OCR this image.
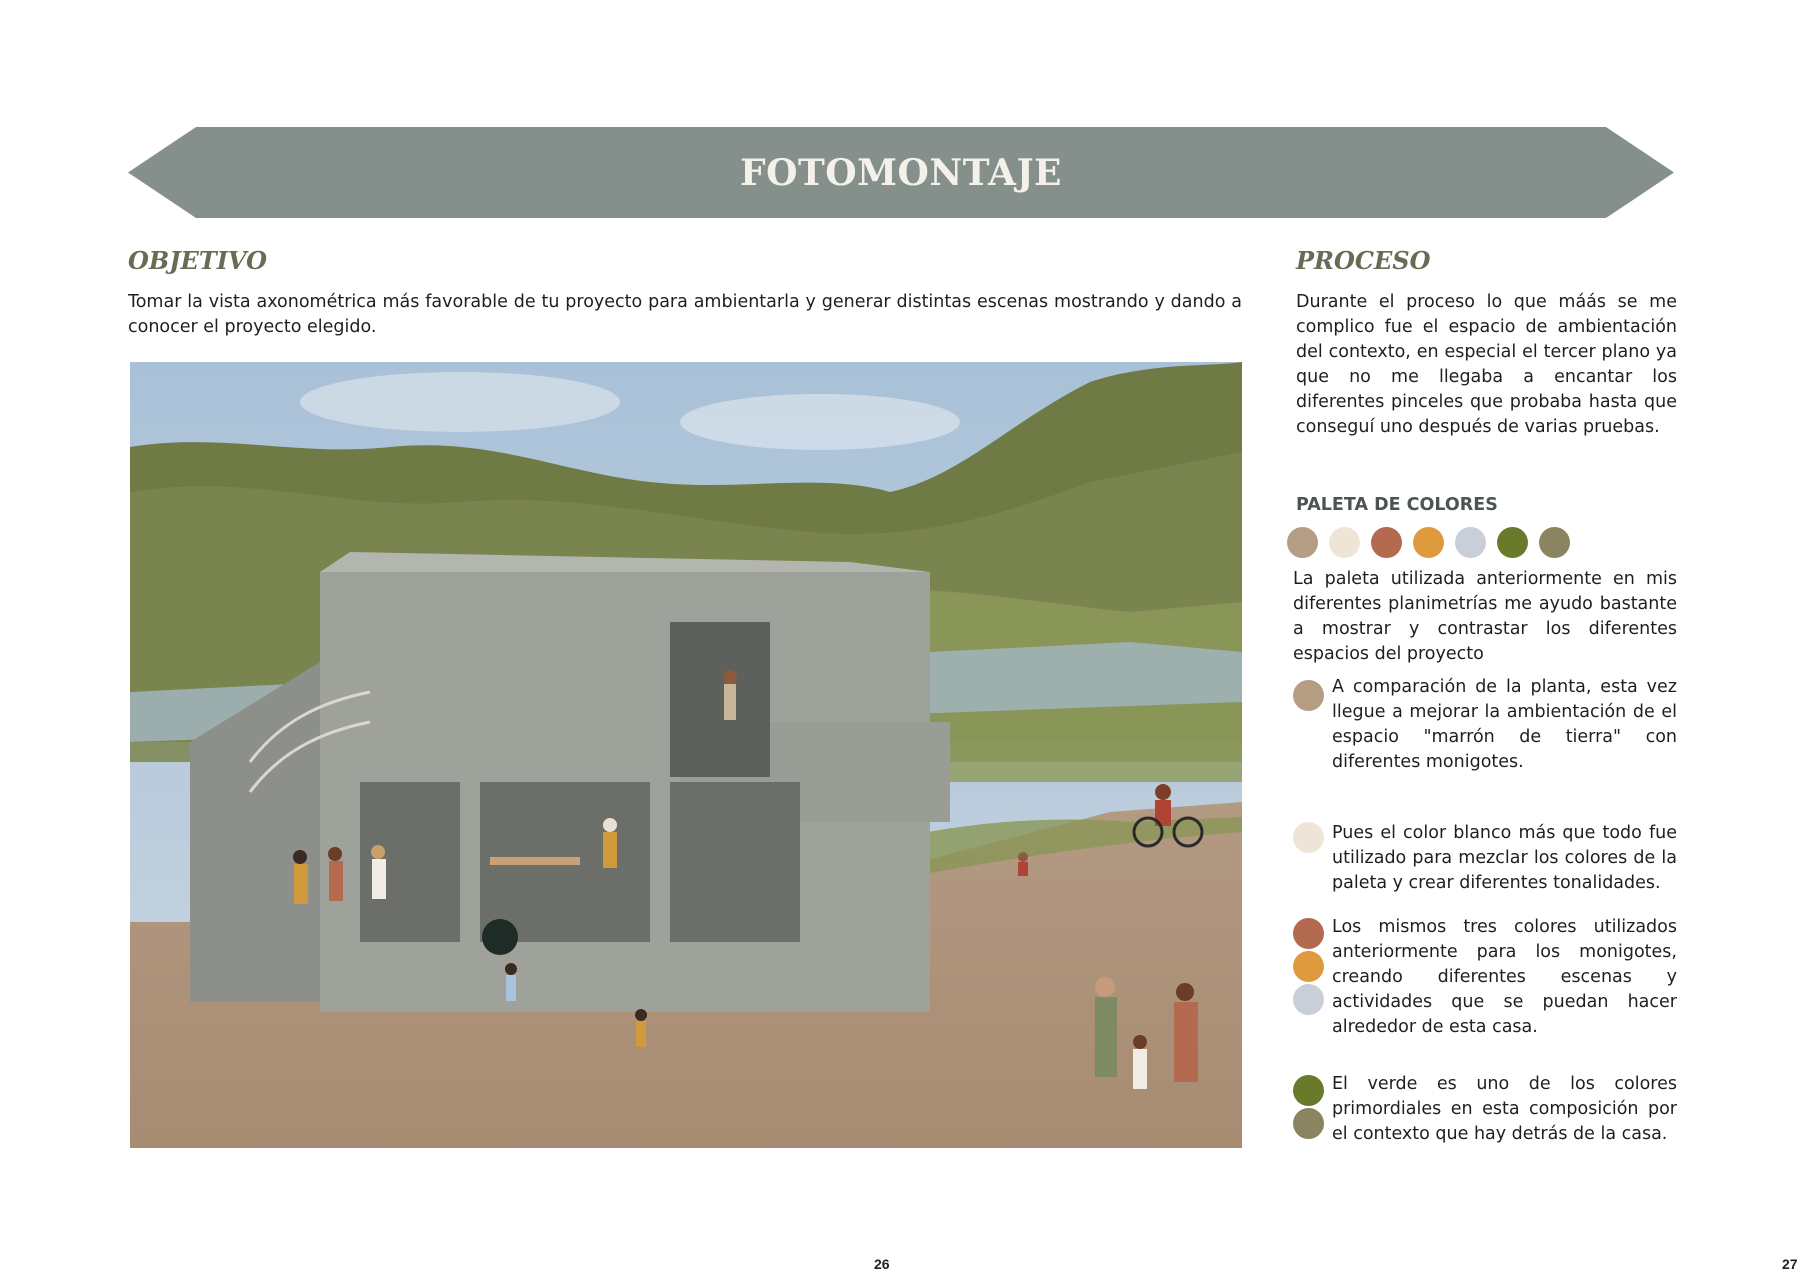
FOTOMONTAJE
OBJETIVO
Tomar la vista axonométrica más favorable de tu proyecto para ambientarla y generar distintas escenas mostrando y dando a conocer el proyecto elegido.
PROCESO
Durante el proceso lo que máás se me complico fue el espacio de ambientación del contexto, en especial el tercer plano ya que no me llegaba a encantar los diferentes pinceles que probaba hasta que conseguí uno después de varias pruebas.
PALETA DE COLORES
La paleta utilizada anteriormente en mis diferentes planimetrías me ayudo bastante a mostrar y contrastar los diferentes espacios del proyecto
A comparación de la planta, esta vez llegue a mejorar la ambientación de el espacio "marrón de tierra" con diferentes monigotes.
Pues el color blanco más que todo fue utilizado para mezclar los colores de la paleta y crear diferentes tonalidades.
Los mismos tres colores utilizados anteriormente para los monigotes, creando diferentes escenas y actividades que se puedan hacer alrededor de esta casa.
El verde es uno de los colores primordiales en esta composición por el contexto que hay detrás de la casa.
26	27
